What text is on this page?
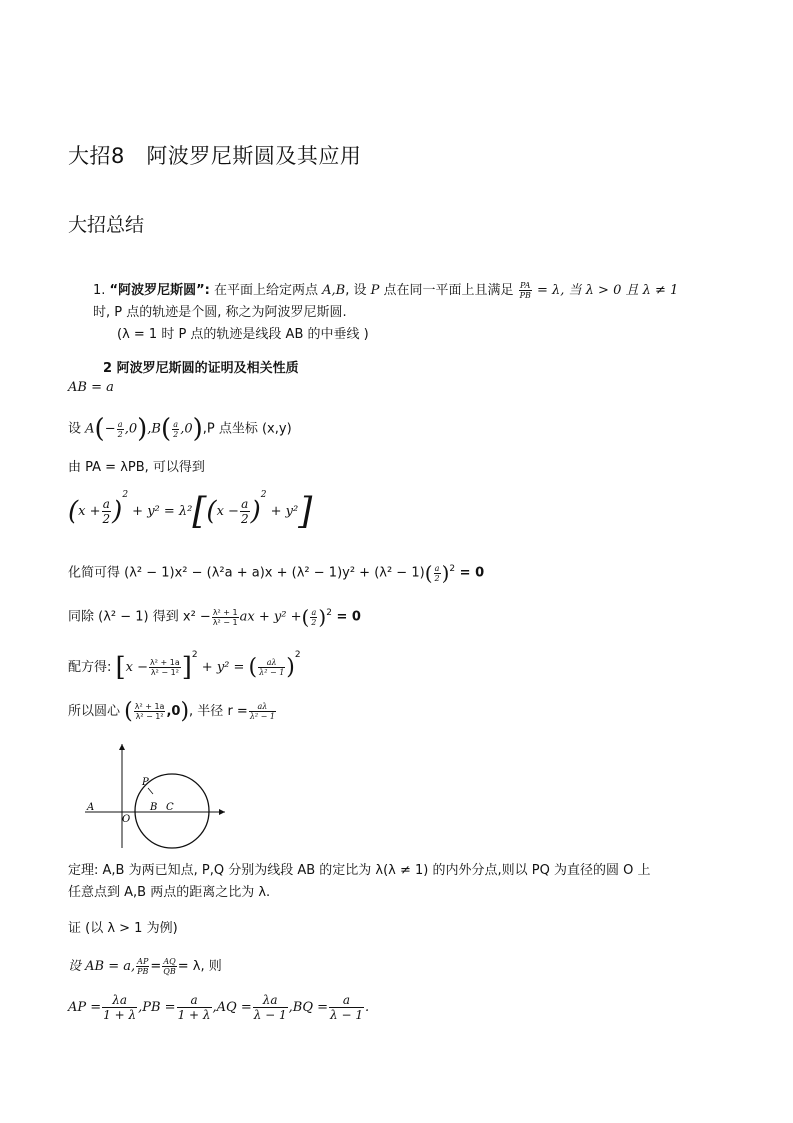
大招8　阿波罗尼斯圆及其应用
大招总结
1. “阿波罗尼斯圆”: 在平面上给定两点 A,B, 设 P 点在同一平面上且满足 $\frac{PA}{PB} = \lambda$, 当 λ > 0 且 λ ≠ 1
时, P 点的轨迹是个圆, 称之为阿波罗尼斯圆.
(λ = 1 时 P 点的轨迹是线段 AB 的中垂线 )
2 阿波罗尼斯圆的证明及相关性质
AB = a
设 $A(- \frac{a}{2} ,0),B( \frac{a}{2} ,0),P$ 点坐标 (x,y)
由 PA = λPB, 可以得到
$(x + \frac{a}{2} )^2 + y^2 = \lambda^2[(x - \frac{a}{2} )^2 + y^2]$
化简可得 $(\lambda^2 - 1)x^2 - (\lambda^2a + a)x + (\lambda^2 - 1)y^2 + (\lambda^2 - 1)( \frac{a}{2} )^2 = 0$
同除 (λ² − 1) 得到 $x^2 - \frac{\text{λ² + 1}}{\text{λ² − 1}}$ ax + y² +( $\frac{a}{2} )^2 = 0$
配方得: $[x - \frac{\text{λ² + 1a}}{\text{λ² − 1²}} ]^2 + y^2$ = ( $\frac{a\lambda}{\text{λ² − 1}} )^2$
所以圆心 ( $\frac{\text{λ² + 1a}}{\text{λ² − 1²}} ,0$), 半径 $r = \frac{a\lambda}{\text{λ² − 1}}$
P
A	B C
O
定理: A,B 为两已知点, P,Q 分别为线段 AB 的定比为 λ(λ ≠ 1) 的内外分点,则以 PQ 为直径的圆 O 上
任意点到 A,B 两点的距离之比为 λ.
证 (以 λ > 1 为例)
设 AB = a, $\frac{AP}{PB} = \frac{AQ}{QB} = \lambda$, 则
AP = $\frac{\lambda a}{1 + \lambda} ,PB = \frac{a}{1 + \lambda} ,AQ = \frac{\lambda a}{\lambda - 1} ,BQ = \frac{a}{\lambda - 1}$ .
